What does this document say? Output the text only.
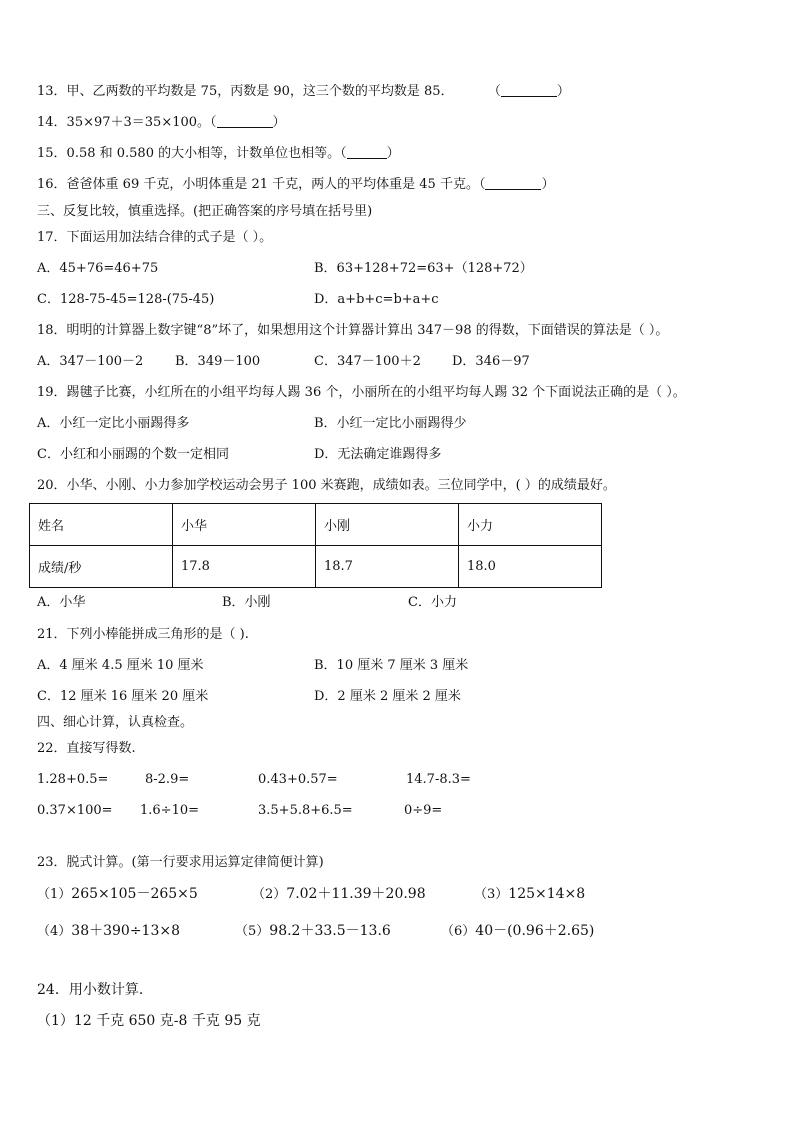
13．甲、乙两数的平均数是 75，丙数是 90，这三个数的平均数是 85．	（	）
14．35×97＋3＝35×100。（	）
15．0.58 和 0.580 的大小相等，计数单位也相等。（	）
16．爸爸体重 69 千克，小明体重是 21 千克，两人的平均体重是 45 千克。（	）
三、反复比较，慎重选择。(把正确答案的序号填在括号里)
17．下面运用加法结合律的式子是（ ）。
A．45+76=46+75	B．63+128+72=63+（128+72）
C．128-75-45=128-(75-45)	D．a+b+c=b+a+c
18．明明的计算器上数字键“8”坏了，如果想用这个计算器计算出 347－98 的得数，下面错误的算法是（ ）。
A．347－100－2 B．349－100	C．347－100＋2 D．346－97
19．踢毽子比赛，小红所在的小组平均每人踢 36 个，小丽所在的小组平均每人踢 32 个下面说法正确的是（ ）。
A．小红一定比小丽踢得多	B．小红一定比小丽踢得少
C．小红和小丽踢的个数一定相同	D．无法确定谁踢得多
20．小华、小刚、小力参加学校运动会男子 100 米赛跑，成绩如表。三位同学中，( ）的成绩最好。
姓名	小华	小刚	小力
成绩/秒	17.8	18.7	18.0
A．小华	B．小刚	C．小力
21．下列小棒能拼成三角形的是（ ).
A．4 厘米 4.5 厘米 10 厘米	B．10 厘米 7 厘米 3 厘米
C．12 厘米 16 厘米 20 厘米	D．2 厘米 2 厘米 2 厘米
四、细心计算，认真检查。
22．直接写得数.
1.28+0.5=	8-2.9=	0.43+0.57=	14.7-8.3=
0.37×100= 1.6÷10=	3.5+5.8+6.5=	0÷9=
23．脱式计算。(第一行要求用运算定律简便计算)
（1）265×105－265×5	（2）7.02＋11.39＋20.98	（3）125×14×8
（4）38＋390÷13×8	（5）98.2＋33.5－13.6	（6）40－(0.96＋2.65)
24．用小数计算.
（1）12 千克 650 克-8 千克 95 克
